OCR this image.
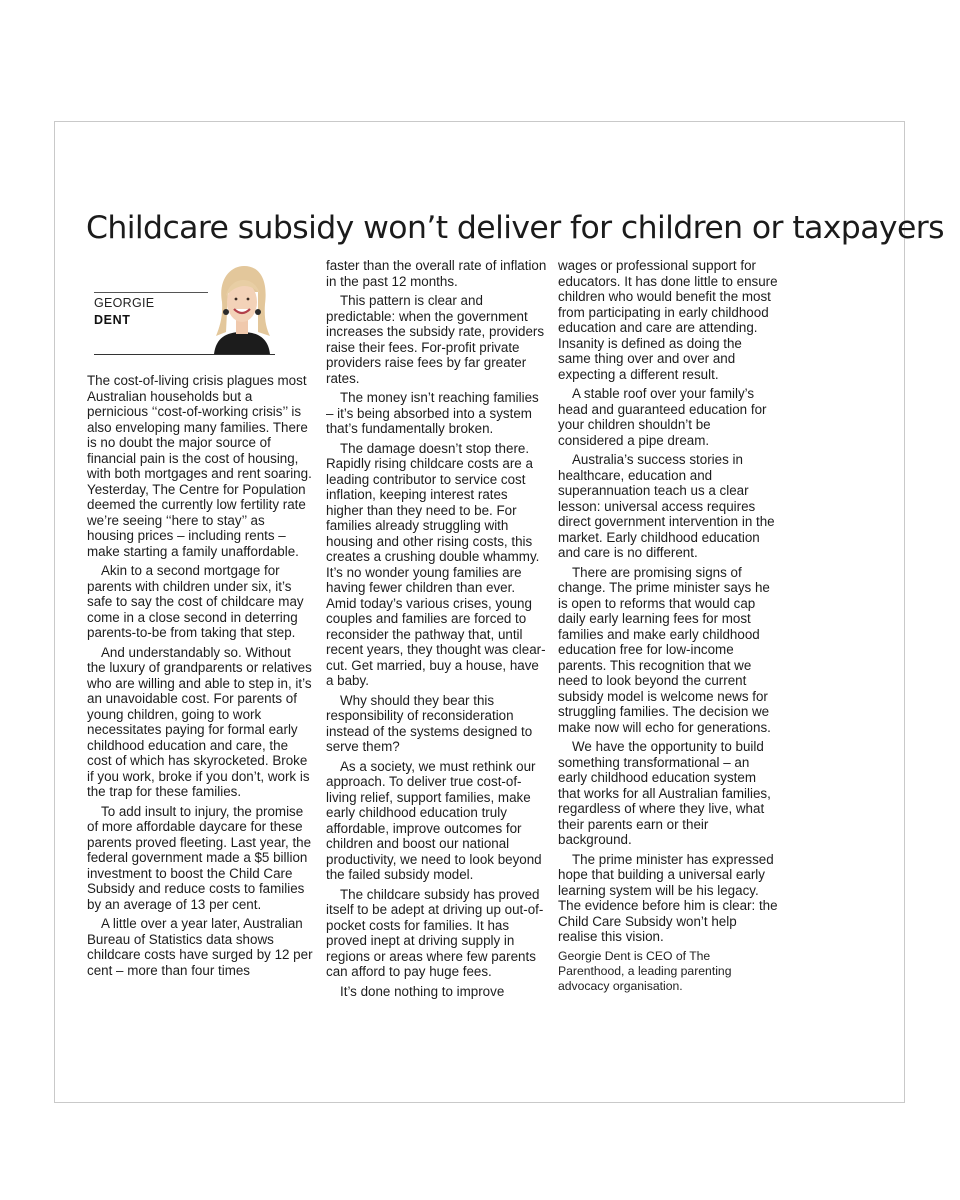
Childcare subsidy won’t deliver for children or taxpayers
GEORGIE
DENT

The cost-of-living crisis plagues most Australian households but a pernicious ‘‘cost-of-working crisis’’ is also enveloping many families. There is no doubt the major source of financial pain is the cost of housing, with both mortgages and rent soaring. Yesterday, The Centre for Population deemed the currently low fertility rate we’re seeing ‘‘here to stay’’ as housing prices – including rents – make starting a family unaffordable.

Akin to a second mortgage for parents with children under six, it’s safe to say the cost of childcare may come in a close second in deterring parents-to-be from taking that step.

And understandably so. Without the luxury of grandparents or relatives who are willing and able to step in, it’s an unavoidable cost. For parents of young children, going to work necessitates paying for formal early childhood education and care, the cost of which has skyrocketed. Broke if you work, broke if you don’t, work is the trap for these families.

To add insult to injury, the promise of more affordable daycare for these parents proved fleeting. Last year, the federal government made a $5 billion investment to boost the Child Care Subsidy and reduce costs to families by an average of 13 per cent.

A little over a year later, Australian Bureau of Statistics data shows childcare costs have surged by 12 per cent – more than four times

faster than the overall rate of inflation in the past 12 months.

This pattern is clear and predictable: when the government increases the subsidy rate, providers raise their fees. For-profit private providers raise fees by far greater rates.

The money isn’t reaching families – it’s being absorbed into a system that’s fundamentally broken.

The damage doesn’t stop there. Rapidly rising childcare costs are a leading contributor to service cost inflation, keeping interest rates higher than they need to be. For families already struggling with housing and other rising costs, this creates a crushing double whammy. It’s no wonder young families are having fewer children than ever. Amid today’s various crises, young couples and families are forced to reconsider the pathway that, until recent years, they thought was clear-cut. Get married, buy a house, have a baby.

Why should they bear this responsibility of reconsideration instead of the systems designed to serve them?

As a society, we must rethink our approach. To deliver true cost-of-living relief, support families, make early childhood education truly affordable, improve outcomes for children and boost our national productivity, we need to look beyond the failed subsidy model.

The childcare subsidy has proved itself to be adept at driving up out-of-pocket costs for families. It has proved inept at driving supply in regions or areas where few parents can afford to pay huge fees.

It’s done nothing to improve

wages or professional support for educators. It has done little to ensure children who would benefit the most from participating in early childhood education and care are attending. Insanity is defined as doing the same thing over and over and expecting a different result.

A stable roof over your family’s head and guaranteed education for your children shouldn’t be considered a pipe dream.

Australia’s success stories in healthcare, education and superannuation teach us a clear lesson: universal access requires direct government intervention in the market. Early childhood education and care is no different.

There are promising signs of change. The prime minister says he is open to reforms that would cap daily early learning fees for most families and make early childhood education free for low-income parents. This recognition that we need to look beyond the current subsidy model is welcome news for struggling families. The decision we make now will echo for generations.

We have the opportunity to build something transformational – an early childhood education system that works for all Australian families, regardless of where they live, what their parents earn or their background.

The prime minister has expressed hope that building a universal early learning system will be his legacy. The evidence before him is clear: the Child Care Subsidy won’t help realise this vision.

Georgie Dent is CEO of The Parenthood, a leading parenting advocacy organisation.
